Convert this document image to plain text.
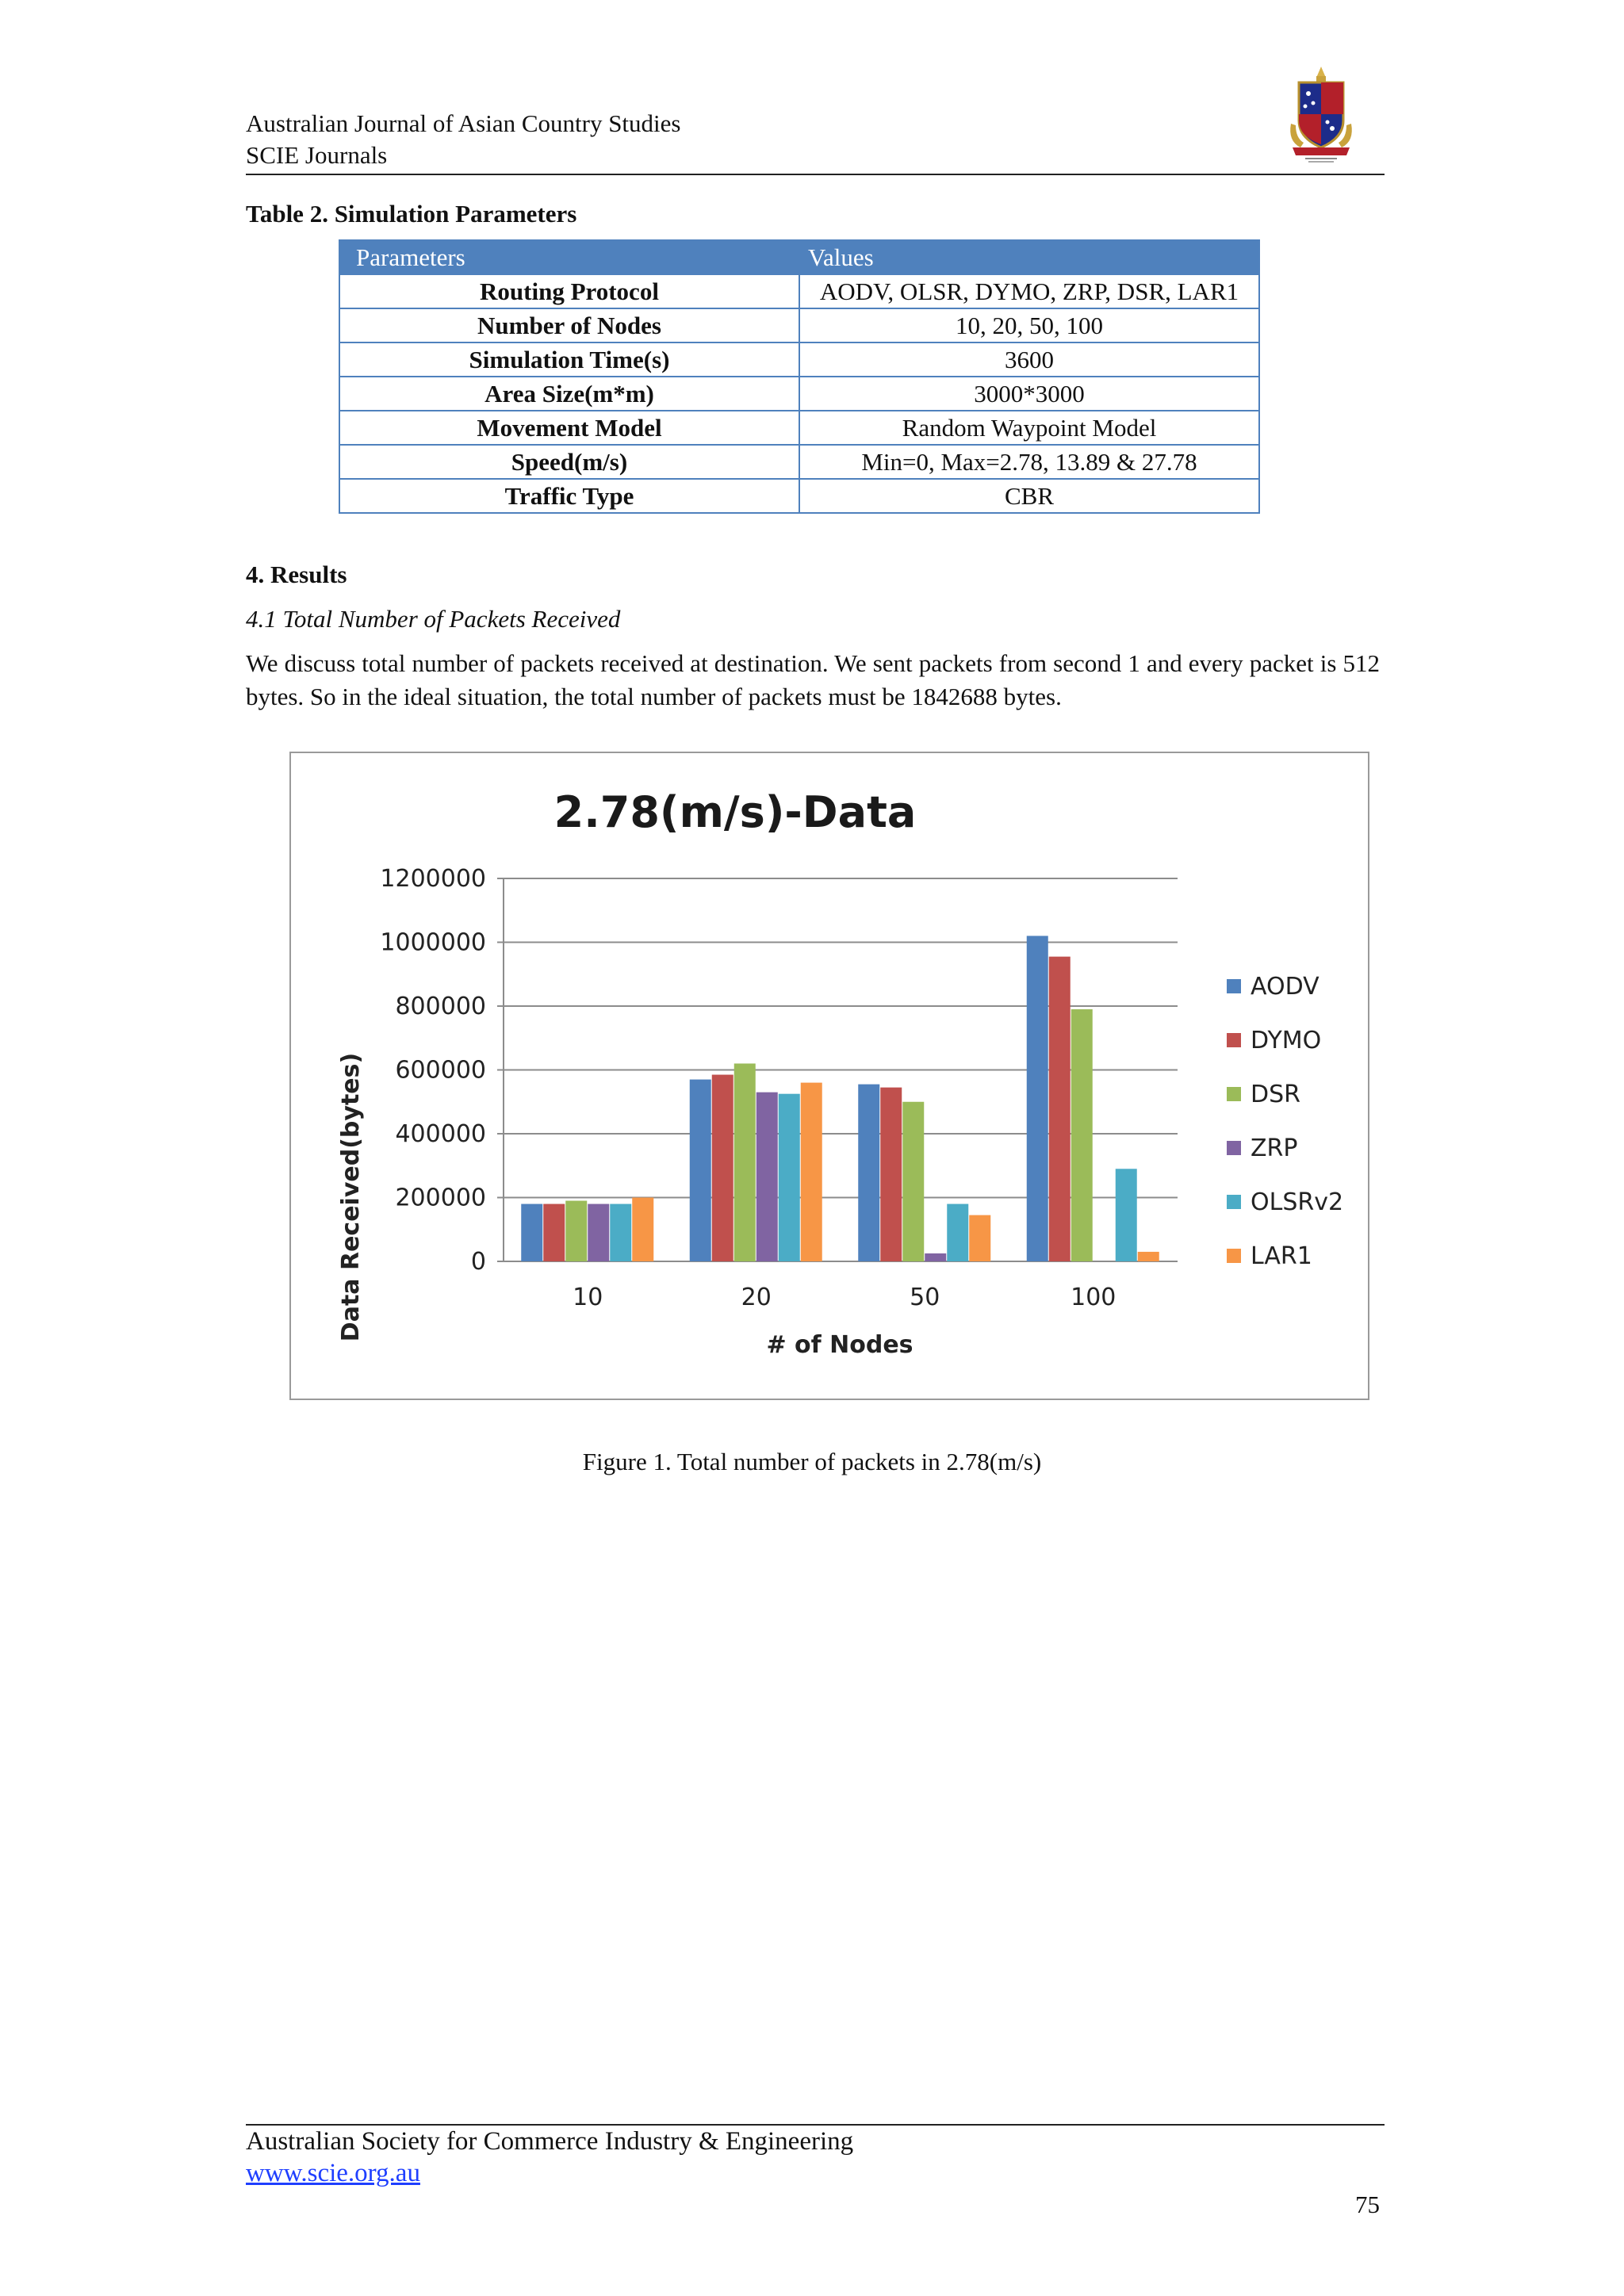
Australian Journal of Asian Country Studies
SCIE Journals
Table 2. Simulation Parameters
Parameters	Values
Routing Protocol	AODV, OLSR, DYMO, ZRP, DSR, LAR1
Number of Nodes	10, 20, 50, 100
Simulation Time(s)	3600
Area Size(m*m)	3000*3000
Movement Model	Random Waypoint Model
Speed(m/s)	Min=0, Max=2.78, 13.89 & 27.78
Traffic Type	CBR
4. Results
4.1 Total Number of Packets Received
We discuss total number of packets received at destination. We sent packets from second 1 and every packet is 512 bytes. So in the ideal situation, the total number of packets must be 1842688 bytes.
2.78(m/s)-Data
0
200000
400000
600000
800000
1000000
1200000
10	20	50	100
# of Nodes
Data Received(bytes)
AODV
DYMO
DSR
ZRP
OLSRv2
LAR1
Figure 1. Total number of packets in 2.78(m/s)
Australian Society for Commerce Industry & Engineering
www.scie.org.au
75
